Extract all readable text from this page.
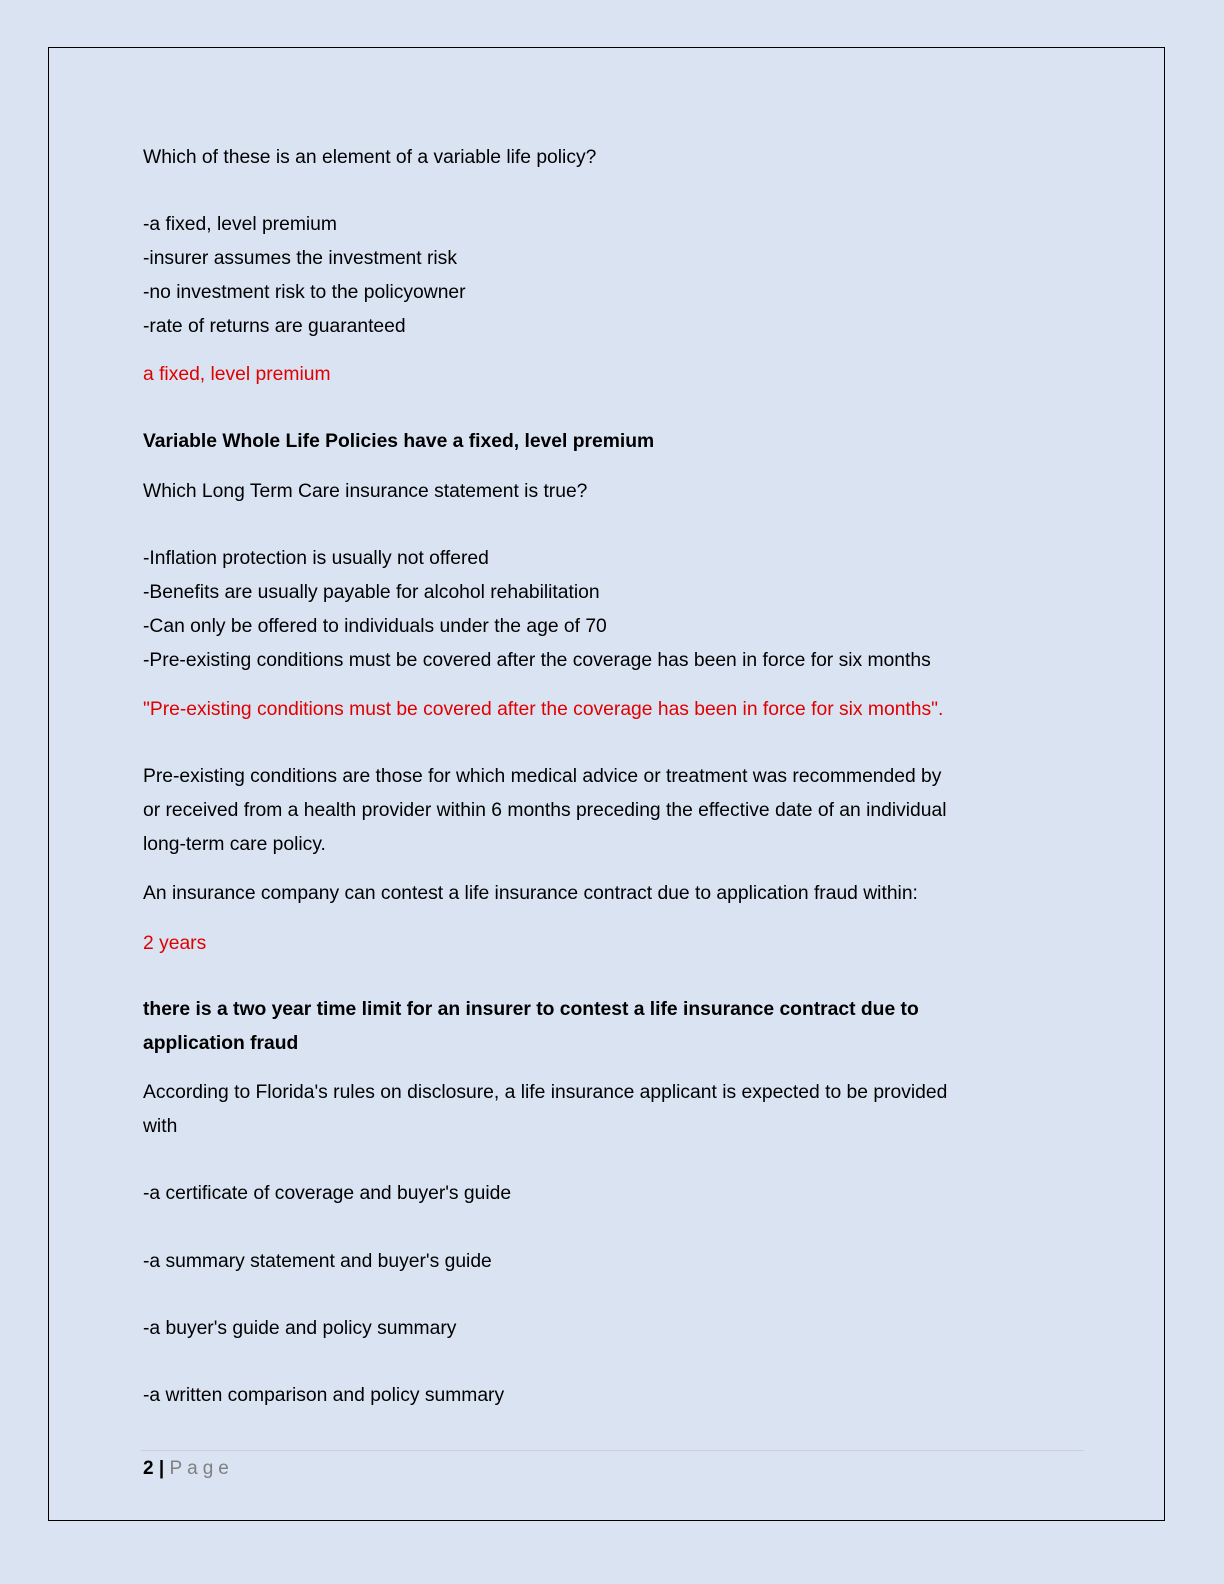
Which of these is an element of a variable life policy?
-a fixed, level premium
-insurer assumes the investment risk
-no investment risk to the policyowner
-rate of returns are guaranteed
a fixed, level premium
Variable Whole Life Policies have a fixed, level premium
Which Long Term Care insurance statement is true?
-Inflation protection is usually not offered
-Benefits are usually payable for alcohol rehabilitation
-Can only be offered to individuals under the age of 70
-Pre-existing conditions must be covered after the coverage has been in force for six months
"Pre-existing conditions must be covered after the coverage has been in force for six months".
Pre-existing conditions are those for which medical advice or treatment was recommended by
or received from a health provider within 6 months preceding the effective date of an individual
long-term care policy.
An insurance company can contest a life insurance contract due to application fraud within:
2 years
there is a two year time limit for an insurer to contest a life insurance contract due to
application fraud
According to Florida's rules on disclosure, a life insurance applicant is expected to be provided
with
-a certificate of coverage and buyer's guide
-a summary statement and buyer's guide
-a buyer's guide and policy summary
-a written comparison and policy summary
2 | Page
